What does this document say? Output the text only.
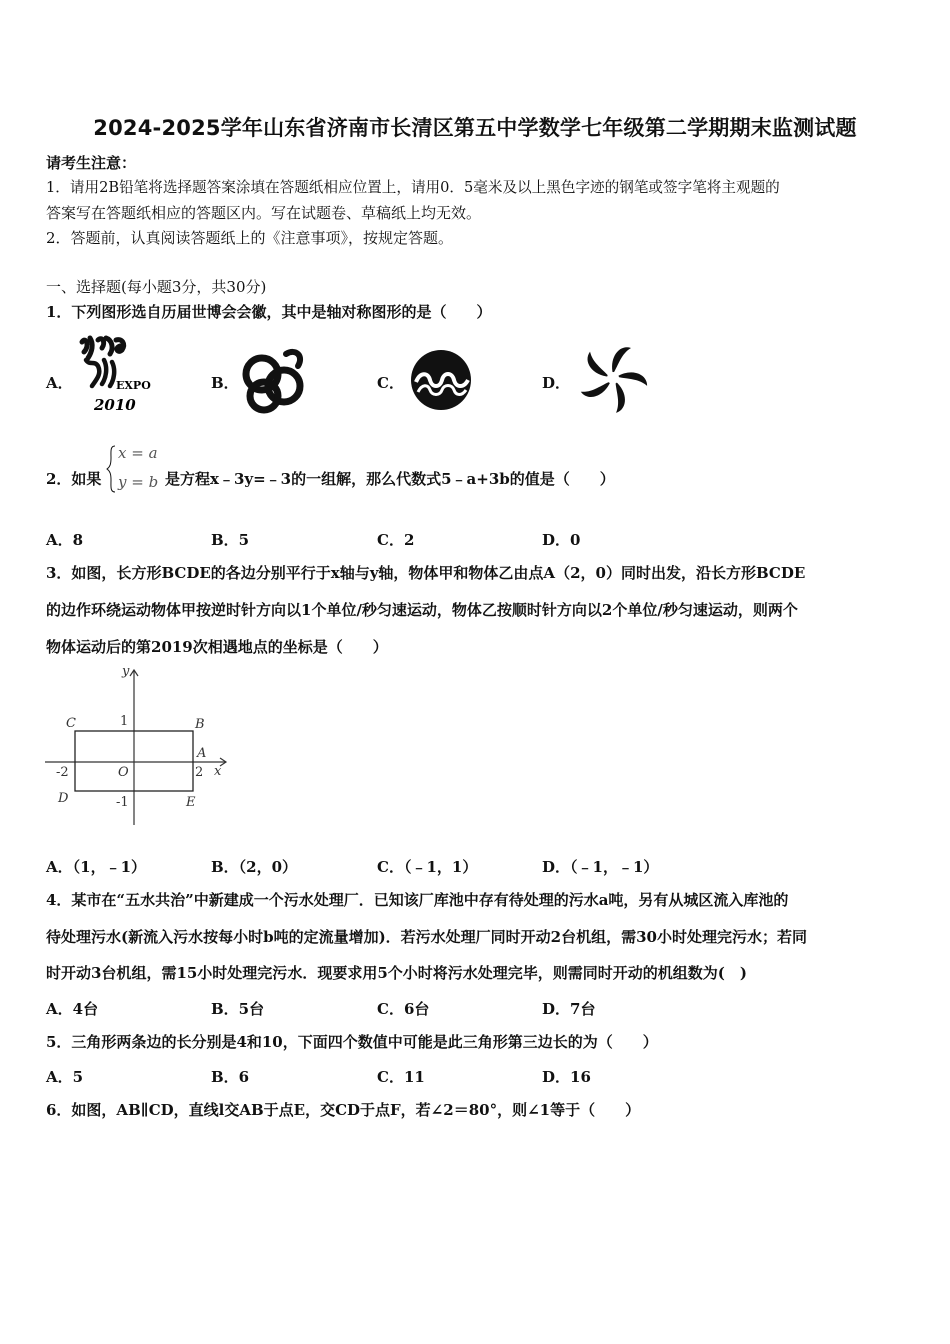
2024-2025学年山东省济南市长清区第五中学数学七年级第二学期期末监测试题
请考生注意：
1．请用2B铅笔将选择题答案涂填在答题纸相应位置上，请用0．5毫米及以上黑色字迹的钢笔或签字笔将主观题的
答案写在答题纸相应的答题区内。写在试题卷、草稿纸上均无效。
2．答题前，认真阅读答题纸上的《注意事项》，按规定答题。
一、选择题(每小题3分，共30分)
1．下列图形选自历届世博会会徽，其中是轴对称图形的是（　　）
A．	B．	C．	D．
EXPO
2010
2．如果
x = a
y = b 是方程x﹣3y=﹣3的一组解，那么代数式5﹣a+3b的值是（　　）
A．8	B．5	C．2	D．0
3．如图，长方形BCDE的各边分别平行于x轴与y轴，物体甲和物体乙由点A（2，0）同时出发，沿长方形BCDE
的边作环绕运动物体甲按逆时针方向以1个单位/秒匀速运动，物体乙按顺时针方向以2个单位/秒匀速运动，则两个
物体运动后的第2019次相遇地点的坐标是（　　）
y
x
C	B
A
D	E
O
1
-1
2
-2
A．（1，﹣1）	B．（2，0）	C．（﹣1，1）	D．（﹣1，﹣1）
4．某市在“五水共治”中新建成一个污水处理厂．已知该厂库池中存有待处理的污水a吨，另有从城区流入库池的
待处理污水(新流入污水按每小时b吨的定流量增加)．若污水处理厂同时开动2台机组，需30小时处理完污水；若同
时开动3台机组，需15小时处理完污水．现要求用5个小时将污水处理完毕，则需同时开动的机组数为(　)
A．4台	B．5台	C．6台	D．7台
5．三角形两条边的长分别是4和10，下面四个数值中可能是此三角形第三边长的为（　　）
A．5	B．6	C．11	D．16
6．如图，AB∥CD，直线l交AB于点E，交CD于点F，若∠2＝80°，则∠1等于（　　）
